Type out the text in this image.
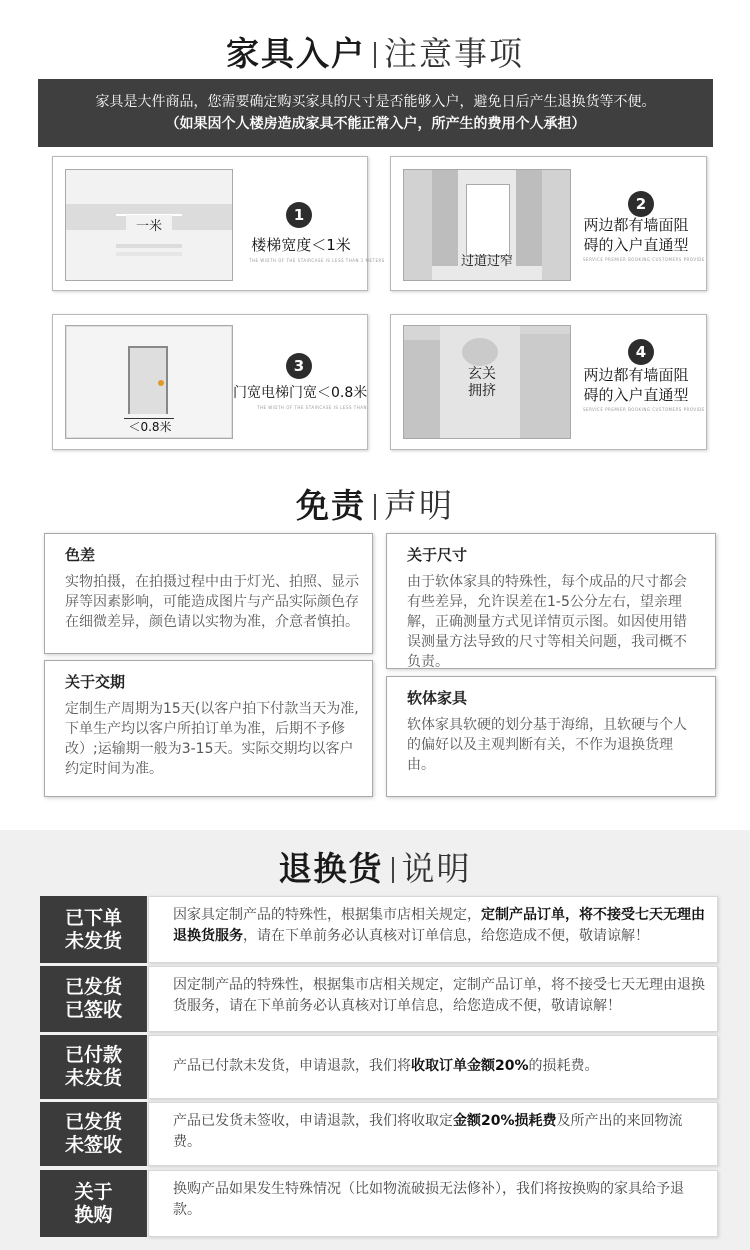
家具入户 注意事项
家具是大件商品，您需要确定购买家具的尺寸是否能够入户，避免日后产生退换货等不便。
（如果因个人楼房造成家具不能正常入户，所产生的费用个人承担）
一米
1
楼梯宽度＜1米
THE WIDTH OF THE STAIRCASE IS LESS THAN 1 METERS	过道过窄
2
两边都有墙面阻碍的入户直通型
SERVICE PREMIER BOOKING CUSTOMERS PROVIDE
＜0.8米
3
门宽电梯门宽＜0.8米
THE WIDTH OF THE STAIRCASE IS LESS THAN
玄关拥挤
4
两边都有墙面阻碍的入户直通型
SERVICE PREMIER BOOKING CUSTOMERS PROVIDE
免责 声明
色差
实物拍摄，在拍摄过程中由于灯光、拍照、显示屏等因素影响，可能造成图片与产品实际颜色存在细微差异，颜色请以实物为准，介意者慎拍。
关于尺寸
由于软体家具的特殊性，每个成品的尺寸都会有些差异，允许误差在1-5公分左右，望亲理解，正确测量方式见详情页示图。如因使用错误测量方法导致的尺寸等相关问题，我司概不负责。
关于交期
定制生产周期为15天(以客户拍下付款当天为准,下单生产均以客户所拍订单为准，后期不予修改）;运输期一般为3-15天。实际交期均以客户约定时间为准。
软体家具
软体家具软硬的划分基于海绵，且软硬与个人的偏好以及主观判断有关，不作为退换货理由。
退换货 说明
已下单
未发货
因家具定制产品的特殊性，根据集市店相关规定，定制产品订单，将不接受七天无理由退换货服务，请在下单前务必认真核对订单信息，给您造成不便，敬请谅解！
已发货
已签收
因定制产品的特殊性，根据集市店相关规定，定制产品订单，将不接受七天无理由退换货服务，请在下单前务必认真核对订单信息，给您造成不便，敬请谅解！
已付款
未发货
产品已付款未发货，申请退款，我们将收取订单金额20%的损耗费。
已发货
未签收
产品已发货未签收，申请退款，我们将收取定金额20%损耗费及所产出的来回物流费。
关于
换购
换购产品如果发生特殊情况（比如物流破损无法修补），我们将按换购的家具给予退款。
